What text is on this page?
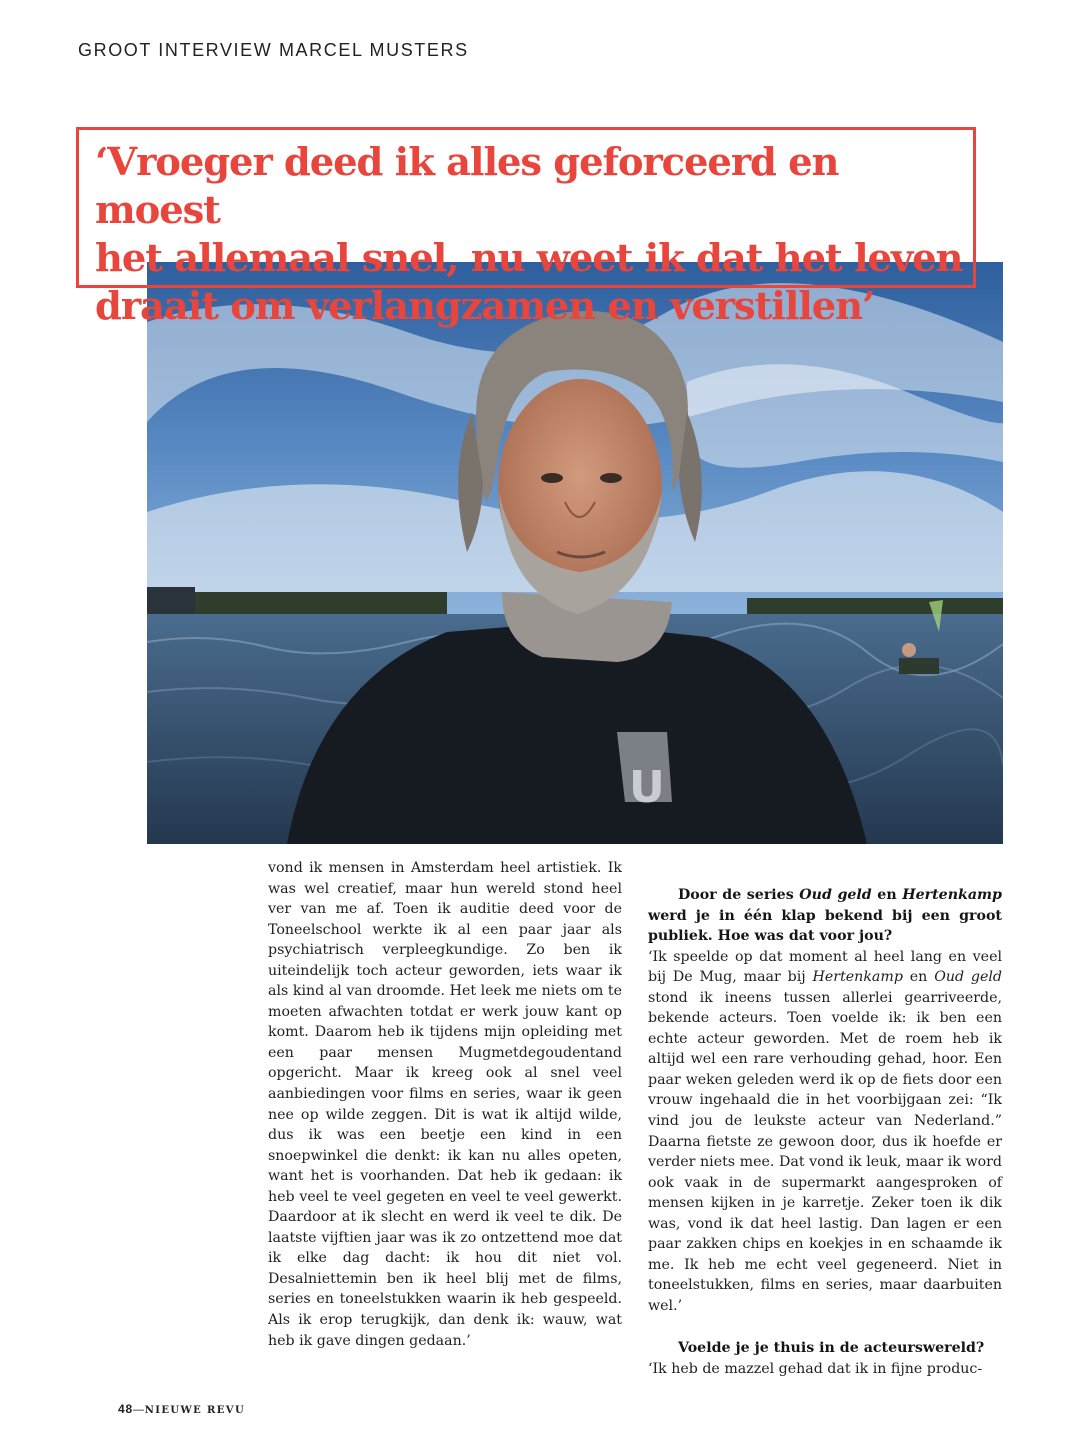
GROOT INTERVIEW MARCEL MUSTERS
U
‘Vroeger deed ik alles geforceerd en moest
het allemaal snel, nu weet ik dat het leven
draait om verlangzamen en verstillen’

vond ik mensen in Amsterdam heel artistiek. Ik was wel creatief, maar hun wereld stond heel ver van me af. Toen ik auditie deed voor de Toneelschool werkte ik al een paar jaar als psychiatrisch verpleegkundige. Zo ben ik uiteindelijk toch acteur geworden, iets waar ik als kind al van droomde. Het leek me niets om te moeten afwachten totdat er werk jouw kant op komt. Daarom heb ik tijdens mijn opleiding met een paar mensen Mugmetdegoudentand opgericht. Maar ik kreeg ook al snel veel aanbiedingen voor films en series, waar ik geen nee op wilde zeggen. Dit is wat ik altijd wilde, dus ik was een beetje een kind in een snoepwinkel die denkt: ik kan nu alles opeten, want het is voorhanden. Dat heb ik gedaan: ik heb veel te veel gegeten en veel te veel gewerkt. Daardoor at ik slecht en werd ik veel te dik. De laatste vijftien jaar was ik zo ontzettend moe dat ik elke dag dacht: ik hou dit niet vol. Desalniettemin ben ik heel blij met de films, series en toneelstukken waarin ik heb gespeeld. Als ik erop terugkijk, dan denk ik: wauw, wat heb ik gave dingen gedaan.’

Door de series Oud geld en Hertenkamp werd je in één klap bekend bij een groot publiek. Hoe was dat voor jou?

‘Ik speelde op dat moment al heel lang en veel bij De Mug, maar bij Hertenkamp en Oud geld stond ik ineens tussen allerlei gearriveerde, bekende acteurs. Toen voelde ik: ik ben een echte acteur geworden. Met de roem heb ik altijd wel een rare verhouding gehad, hoor. Een paar weken geleden werd ik op de fiets door een vrouw ingehaald die in het voorbijgaan zei: “Ik vind jou de leukste acteur van Nederland.” Daarna fietste ze gewoon door, dus ik hoefde er verder niets mee. Dat vond ik leuk, maar ik word ook vaak in de supermarkt aangesproken of mensen kijken in je karretje. Zeker toen ik dik was, vond ik dat heel lastig. Dan lagen er een paar zakken chips en koekjes in en schaamde ik me. Ik heb me echt veel gegeneerd. Niet in toneelstukken, films en series, maar daarbuiten wel.’

Voelde je je thuis in de acteurswereld?

‘Ik heb de mazzel gehad dat ik in fijne produc-

48—NIEUWE REVU
